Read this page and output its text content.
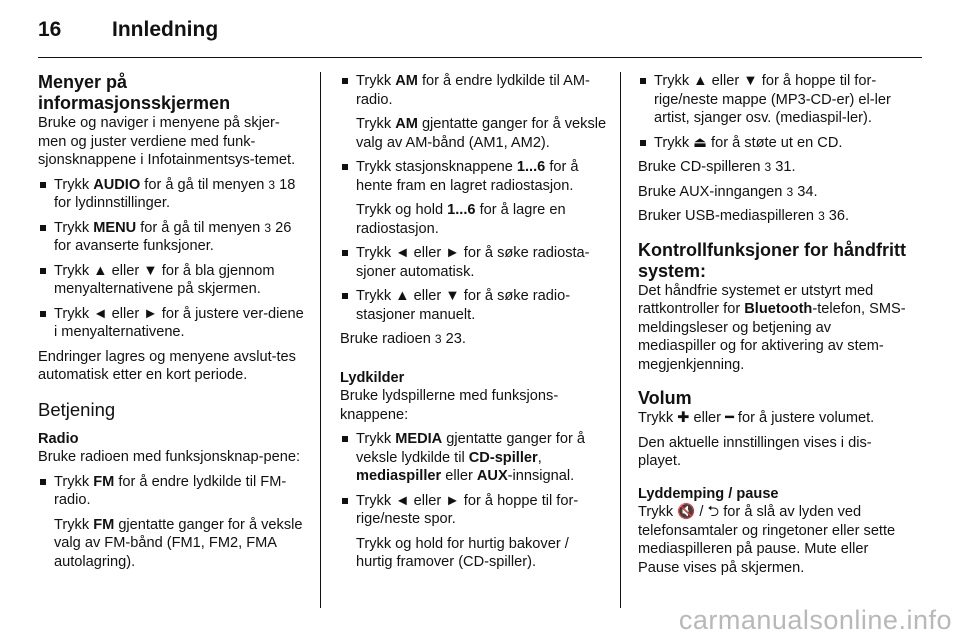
16 Innledning
Menyer på informasjonsskjermen

Bruke og naviger i menyene på skjer-men og juster verdiene med funk-sjonsknappene i Infotainmentsys-temet.

Trykk AUDIO for å gå til menyen 3 18 for lydinnstillinger.
Trykk MENU for å gå til menyen 3 26 for avanserte funksjoner.
Trykk ▲ eller ▼ for å bla gjennom menyalternativene på skjermen.
Trykk ◄ eller ► for å justere ver-diene i menyalternativene.

Endringer lagres og menyene avslut-tes automatisk etter en kort periode.

Betjening
Radio

Bruke radioen med funksjonsknap-pene:

Trykk FM for å endre lydkilde til FM-radio.
Trykk FM gjentatte ganger for å veksle valg av FM-bånd (FM1, FM2, FMA autolagring).
Trykk AM for å endre lydkilde til AM-radio.
Trykk AM gjentatte ganger for å veksle valg av AM-bånd (AM1, AM2).
Trykk stasjonsknappene 1...6 for å hente fram en lagret radiostasjon.
Trykk og hold 1...6 for å lagre en radiostasjon.
Trykk ◄ eller ► for å søke radiosta-sjoner automatisk.
Trykk ▲ eller ▼ for å søke radio-stasjoner manuelt.

Bruke radioen 3 23.

Lydkilder

Bruke lydspillerne med funksjons-knappene:

Trykk MEDIA gjentatte ganger for å veksle lydkilde til CD-spiller, mediaspiller eller AUX-innsignal.
Trykk ◄ eller ► for å hoppe til for-rige/neste spor.
Trykk og hold for hurtig bakover / hurtig framover (CD-spiller).
Trykk ▲ eller ▼ for å hoppe til for-rige/neste mappe (MP3-CD-er) el-ler artist, sjanger osv. (mediaspil-ler).
Trykk ⏏ for å støte ut en CD.

Bruke CD-spilleren 3 31.

Bruke AUX-inngangen 3 34.

Bruker USB-mediaspilleren 3 36.

Kontrollfunksjoner for håndfritt system:

Det håndfrie systemet er utstyrt med rattkontroller for Bluetooth-telefon, SMS-meldingsleser og betjening av mediaspiller og for aktivering av stem-megjenkjenning.

Volum

Trykk ✚ eller ━ for å justere volumet.

Den aktuelle innstillingen vises i dis-playet.

Lyddemping / pause

Trykk 🔇 / ⮌ for å slå av lyden ved telefonsamtaler og ringetoner eller sette mediaspilleren på pause. Mute eller Pause vises på skjermen.

carmanualsonline.info
